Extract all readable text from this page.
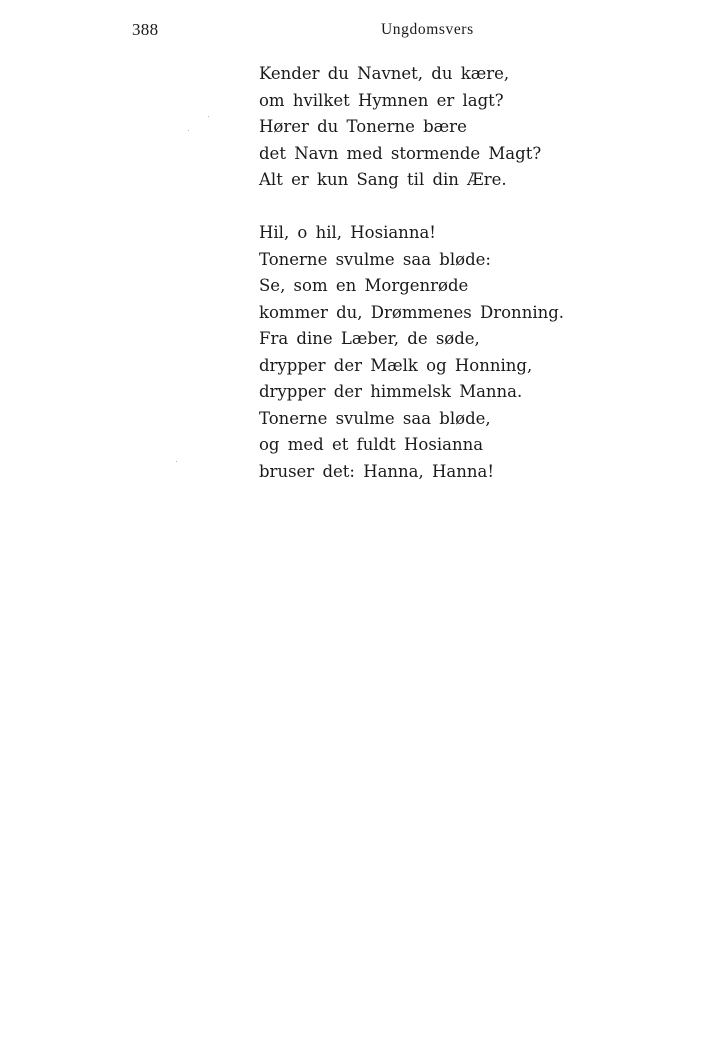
388	Ungdomsvers
Kender du Navnet, du kære,
om hvilket Hymnen er lagt?
Hører du Tonerne bære
det Navn med stormende Magt?
Alt er kun Sang til din Ære.
Hil, o hil, Hosianna!
Tonerne svulme saa bløde:
Se, som en Morgenrøde
kommer du, Drømmenes Dronning.
Fra dine Læber, de søde,
drypper der Mælk og Honning,
drypper der himmelsk Manna.
Tonerne svulme saa bløde,
og med et fuldt Hosianna
bruser det: Hanna, Hanna!
